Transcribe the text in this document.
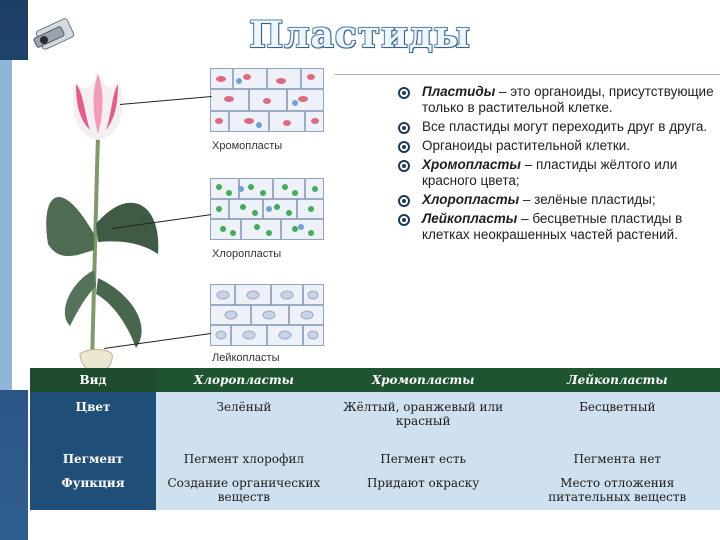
Пластиды
Хромопласты
Хлоропласты
Лейкопласты
Пластиды – это органоиды, присутствующие только в растительной клетке.
Все пластиды могут переходить друг в друга.
Органоиды растительной клетки.
Хромопласты – пластиды жёлтого или красного цвета;
Хлоропласты – зелёные пластиды;
Лейкопласты – бесцветные пластиды в клетках неокрашенных частей растений.
Вид	Хлоропласты	Хромопласты	Лейкопласты
Цвет	Зелёный	Жёлтый, оранжевый или красный	Бесцветный
Пегмент	Пегмент хлорофил	Пегмент есть	Пегмента нет
Функция	Создание органических веществ	Придают окраску	Место отложения питательных веществ
